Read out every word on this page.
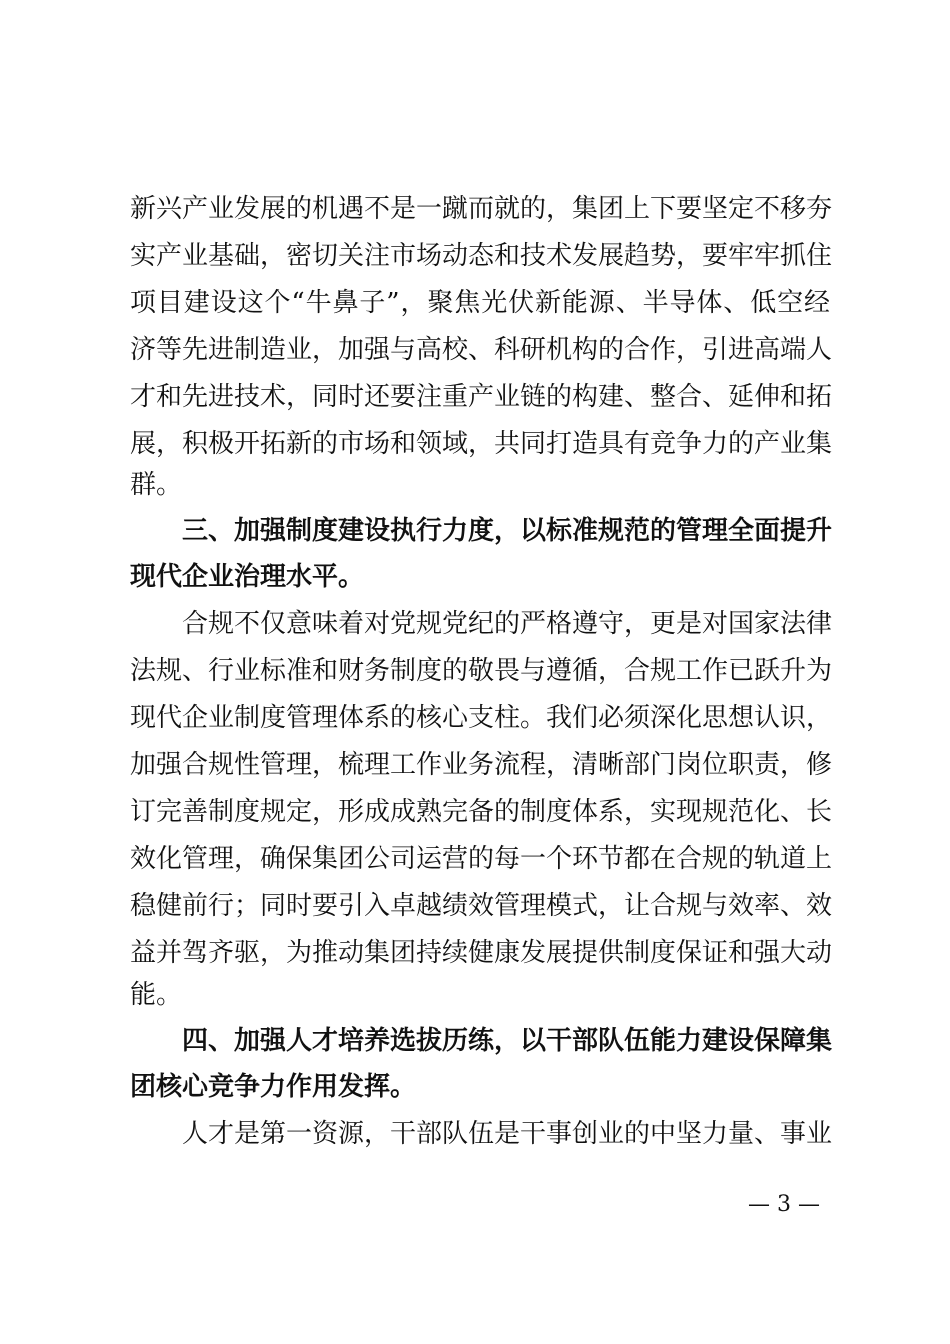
新兴产业发展的机遇不是一蹴而就的，集团上下要坚定不移夯
实产业基础，密切关注市场动态和技术发展趋势，要牢牢抓住
项目建设这个“牛鼻子”，聚焦光伏新能源、半导体、低空经
济等先进制造业，加强与高校、科研机构的合作，引进高端人
才和先进技术，同时还要注重产业链的构建、整合、延伸和拓
展，积极开拓新的市场和领域，共同打造具有竞争力的产业集
群。
三、加强制度建设执行力度，以标准规范的管理全面提升
现代企业治理水平。
合规不仅意味着对党规党纪的严格遵守，更是对国家法律
法规、行业标准和财务制度的敬畏与遵循，合规工作已跃升为
现代企业制度管理体系的核心支柱。我们必须深化思想认识，
加强合规性管理，梳理工作业务流程，清晰部门岗位职责，修
订完善制度规定，形成成熟完备的制度体系，实现规范化、长
效化管理，确保集团公司运营的每一个环节都在合规的轨道上
稳健前行；同时要引入卓越绩效管理模式，让合规与效率、效
益并驾齐驱，为推动集团持续健康发展提供制度保证和强大动
能。
四、加强人才培养选拔历练，以干部队伍能力建设保障集
团核心竞争力作用发挥。
人才是第一资源，干部队伍是干事创业的中坚力量、事业
— 3 —
